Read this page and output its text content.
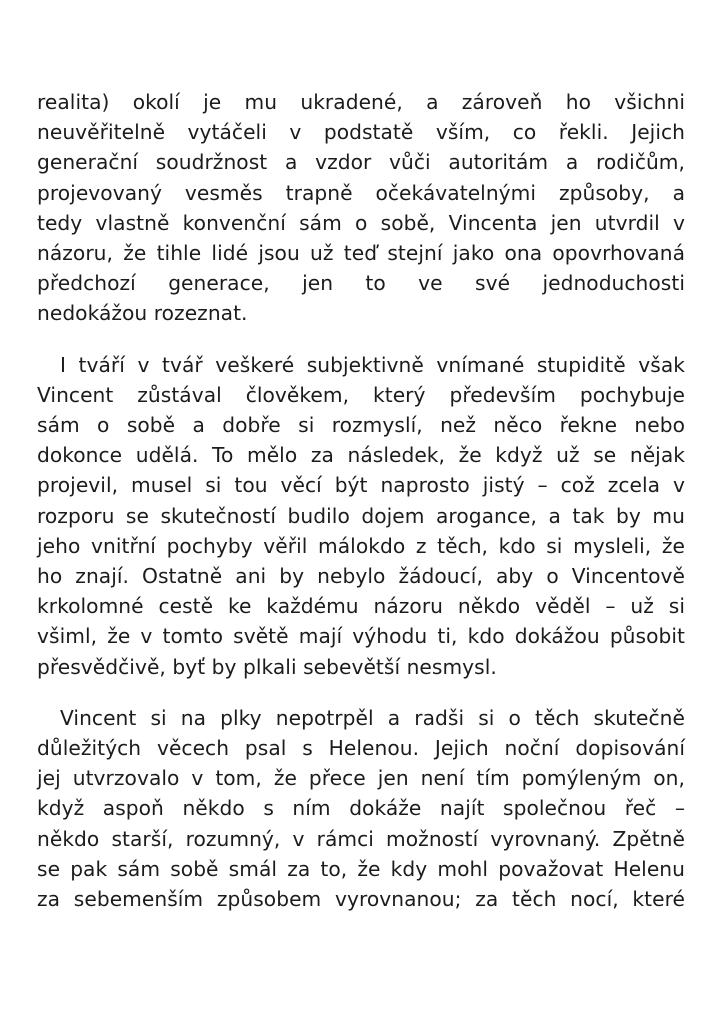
realita) okolí je mu ukradené, a zároveň ho všichni
neuvěřitelně vytáčeli v podstatě vším, co řekli. Jejich
generační soudržnost a vzdor vůči autoritám a rodičům,
projevovaný vesměs trapně očekávatelnými způsoby, a
tedy vlastně konvenční sám o sobě, Vincenta jen utvrdil v
názoru, že tihle lidé jsou už teď stejní jako ona opovrhovaná
předchozí generace, jen to ve své jednoduchosti
nedokážou rozeznat.

I tváří v tvář veškeré subjektivně vnímané stupiditě však
Vincent zůstával člověkem, který především pochybuje
sám o sobě a dobře si rozmyslí, než něco řekne nebo
dokonce udělá. To mělo za následek, že když už se nějak
projevil, musel si tou věcí být naprosto jistý – což zcela v
rozporu se skutečností budilo dojem arogance, a tak by mu
jeho vnitřní pochyby věřil málokdo z těch, kdo si mysleli, že
ho znají. Ostatně ani by nebylo žádoucí, aby o Vincentově
krkolomné cestě ke každému názoru někdo věděl – už si
všiml, že v tomto světě mají výhodu ti, kdo dokážou působit
přesvědčivě, byť by plkali sebevětší nesmysl.

Vincent si na plky nepotrpěl a radši si o těch skutečně
důležitých věcech psal s Helenou. Jejich noční dopisování
jej utvrzovalo v tom, že přece jen není tím pomýleným on,
když aspoň někdo s ním dokáže najít společnou řeč –
někdo starší, rozumný, v rámci možností vyrovnaný. Zpětně
se pak sám sobě smál za to, že kdy mohl považovat Helenu
za sebemenším způsobem vyrovnanou; za těch nocí, které
